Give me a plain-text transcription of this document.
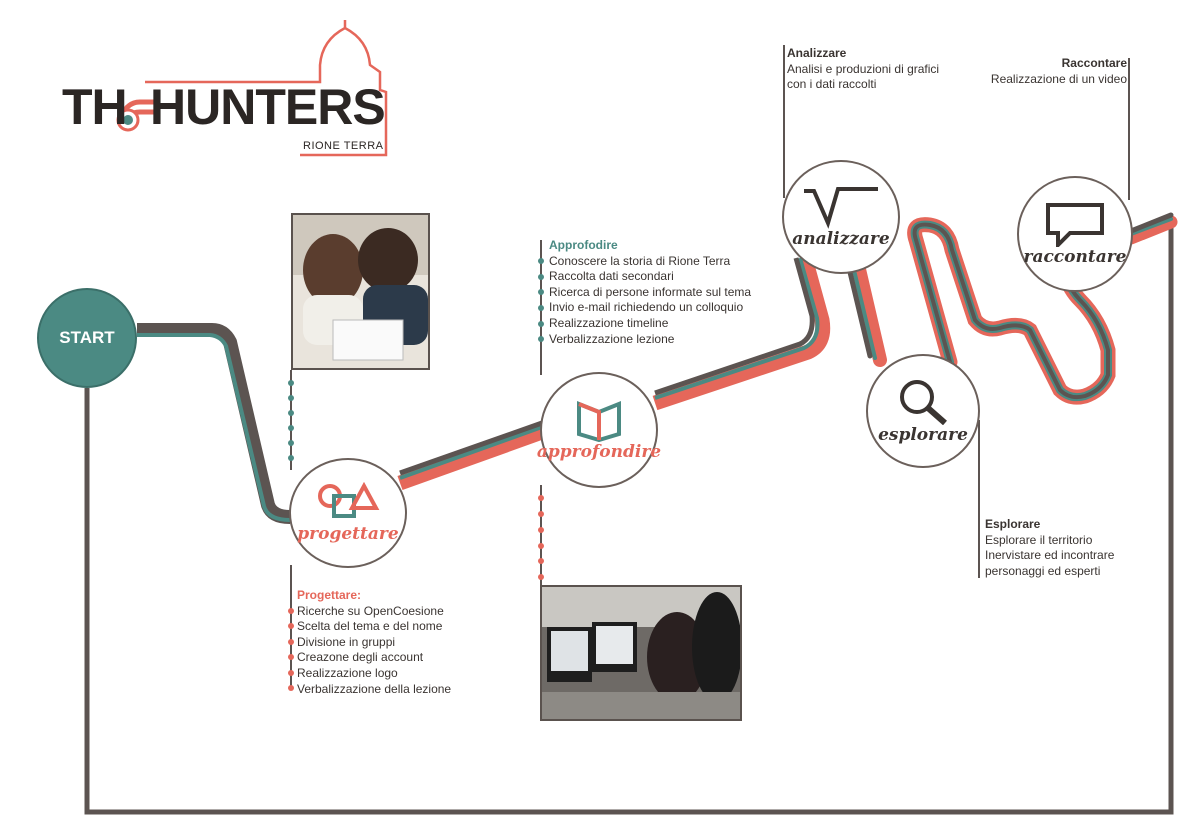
TH HUNTERS
RIONE TERRA
START
progettare
approfondire
analizzare
esplorare
raccontare
Progettare:
Ricerche su OpenCoesione
Scelta del tema e del nome
Divisione in gruppi
Creazone degli account
Realizzazione logo
Verbalizzazione della lezione
Approfodire
Conoscere la storia di Rione Terra
Raccolta dati secondari
Ricerca di persone informate sul tema
Invio e-mail richiedendo un colloquio
Realizzazione timeline
Verbalizzazione lezione
Analizzare
Analisi e produzioni di grafici
con i dati raccolti
Raccontare
Realizzazione di un video
Esplorare
Esplorare il territorio
Inervistare ed incontrare
personaggi ed esperti
